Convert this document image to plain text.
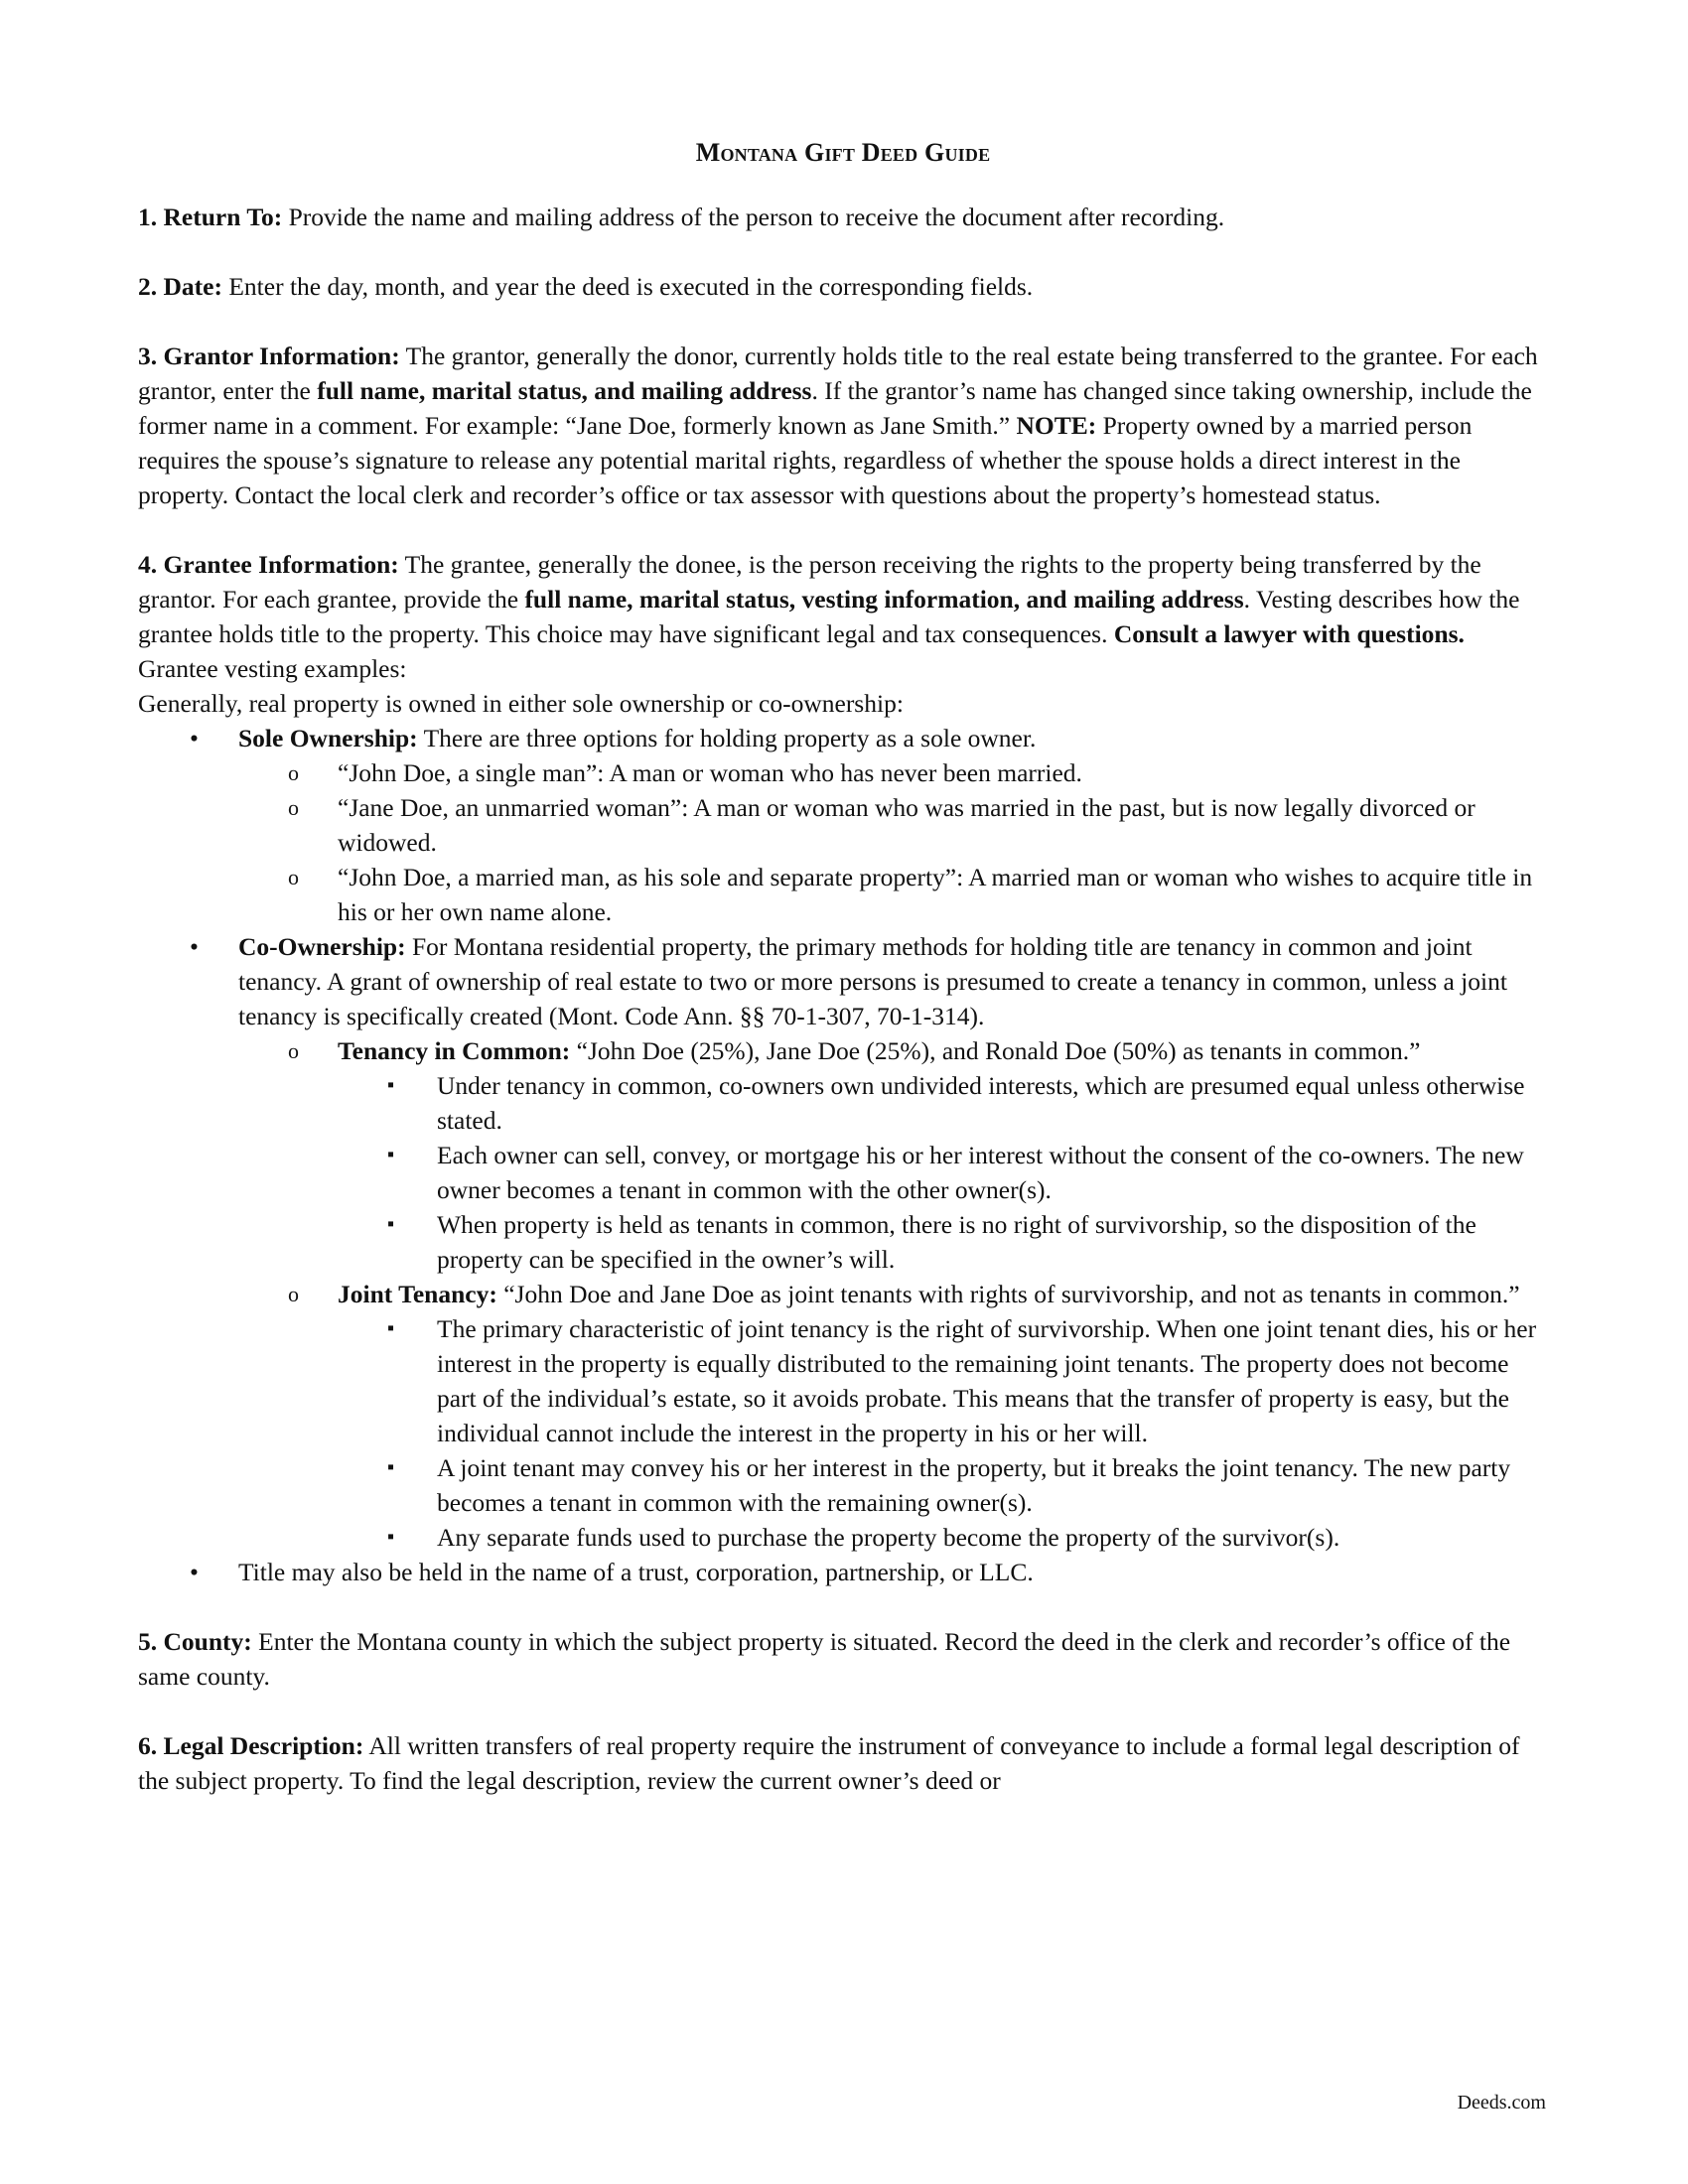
Montana Gift Deed Guide

1. Return To: Provide the name and mailing address of the person to receive the document after recording.

2. Date: Enter the day, month, and year the deed is executed in the corresponding fields.

3. Grantor Information: The grantor, generally the donor, currently holds title to the real estate being transferred to the grantee. For each grantor, enter the full name, marital status, and mailing address. If the grantor’s name has changed since taking ownership, include the former name in a comment. For example: “Jane Doe, formerly known as Jane Smith.” NOTE: Property owned by a married person requires the spouse’s signature to release any potential marital rights, regardless of whether the spouse holds a direct interest in the property. Contact the local clerk and recorder’s office or tax assessor with questions about the property’s homestead status.

4. Grantee Information: The grantee, generally the donee, is the person receiving the rights to the property being transferred by the grantor. For each grantee, provide the full name, marital status, vesting information, and mailing address. Vesting describes how the grantee holds title to the property. This choice may have significant legal and tax consequences. Consult a lawyer with questions.

Grantee vesting examples:

Generally, real property is owned in either sole ownership or co-ownership:

• Sole Ownership: There are three options for holding property as a sole owner.
o “John Doe, a single man”: A man or woman who has never been married.
o “Jane Doe, an unmarried woman”: A man or woman who was married in the past, but is now legally divorced or widowed.
o “John Doe, a married man, as his sole and separate property”: A married man or woman who wishes to acquire title in his or her own name alone.
• Co-Ownership: For Montana residential property, the primary methods for holding title are tenancy in common and joint tenancy. A grant of ownership of real estate to two or more persons is presumed to create a tenancy in common, unless a joint tenancy is specifically created (Mont. Code Ann. §§ 70-1-307, 70-1-314).
o Tenancy in Common: “John Doe (25%), Jane Doe (25%), and Ronald Doe (50%) as tenants in common.”
▪ Under tenancy in common, co-owners own undivided interests, which are presumed equal unless otherwise stated.
▪ Each owner can sell, convey, or mortgage his or her interest without the consent of the co-owners. The new owner becomes a tenant in common with the other owner(s).
▪ When property is held as tenants in common, there is no right of survivorship, so the disposition of the property can be specified in the owner’s will.
o Joint Tenancy: “John Doe and Jane Doe as joint tenants with rights of survivorship, and not as tenants in common.”
▪ The primary characteristic of joint tenancy is the right of survivorship. When one joint tenant dies, his or her interest in the property is equally distributed to the remaining joint tenants. The property does not become part of the individual’s estate, so it avoids probate. This means that the transfer of property is easy, but the individual cannot include the interest in the property in his or her will.
▪ A joint tenant may convey his or her interest in the property, but it breaks the joint tenancy. The new party becomes a tenant in common with the remaining owner(s).
▪ Any separate funds used to purchase the property become the property of the survivor(s).
• Title may also be held in the name of a trust, corporation, partnership, or LLC.

5. County: Enter the Montana county in which the subject property is situated. Record the deed in the clerk and recorder’s office of the same county.

6. Legal Description: All written transfers of real property require the instrument of conveyance to include a formal legal description of the subject property. To find the legal description, review the current owner’s deed or

Deeds.com
